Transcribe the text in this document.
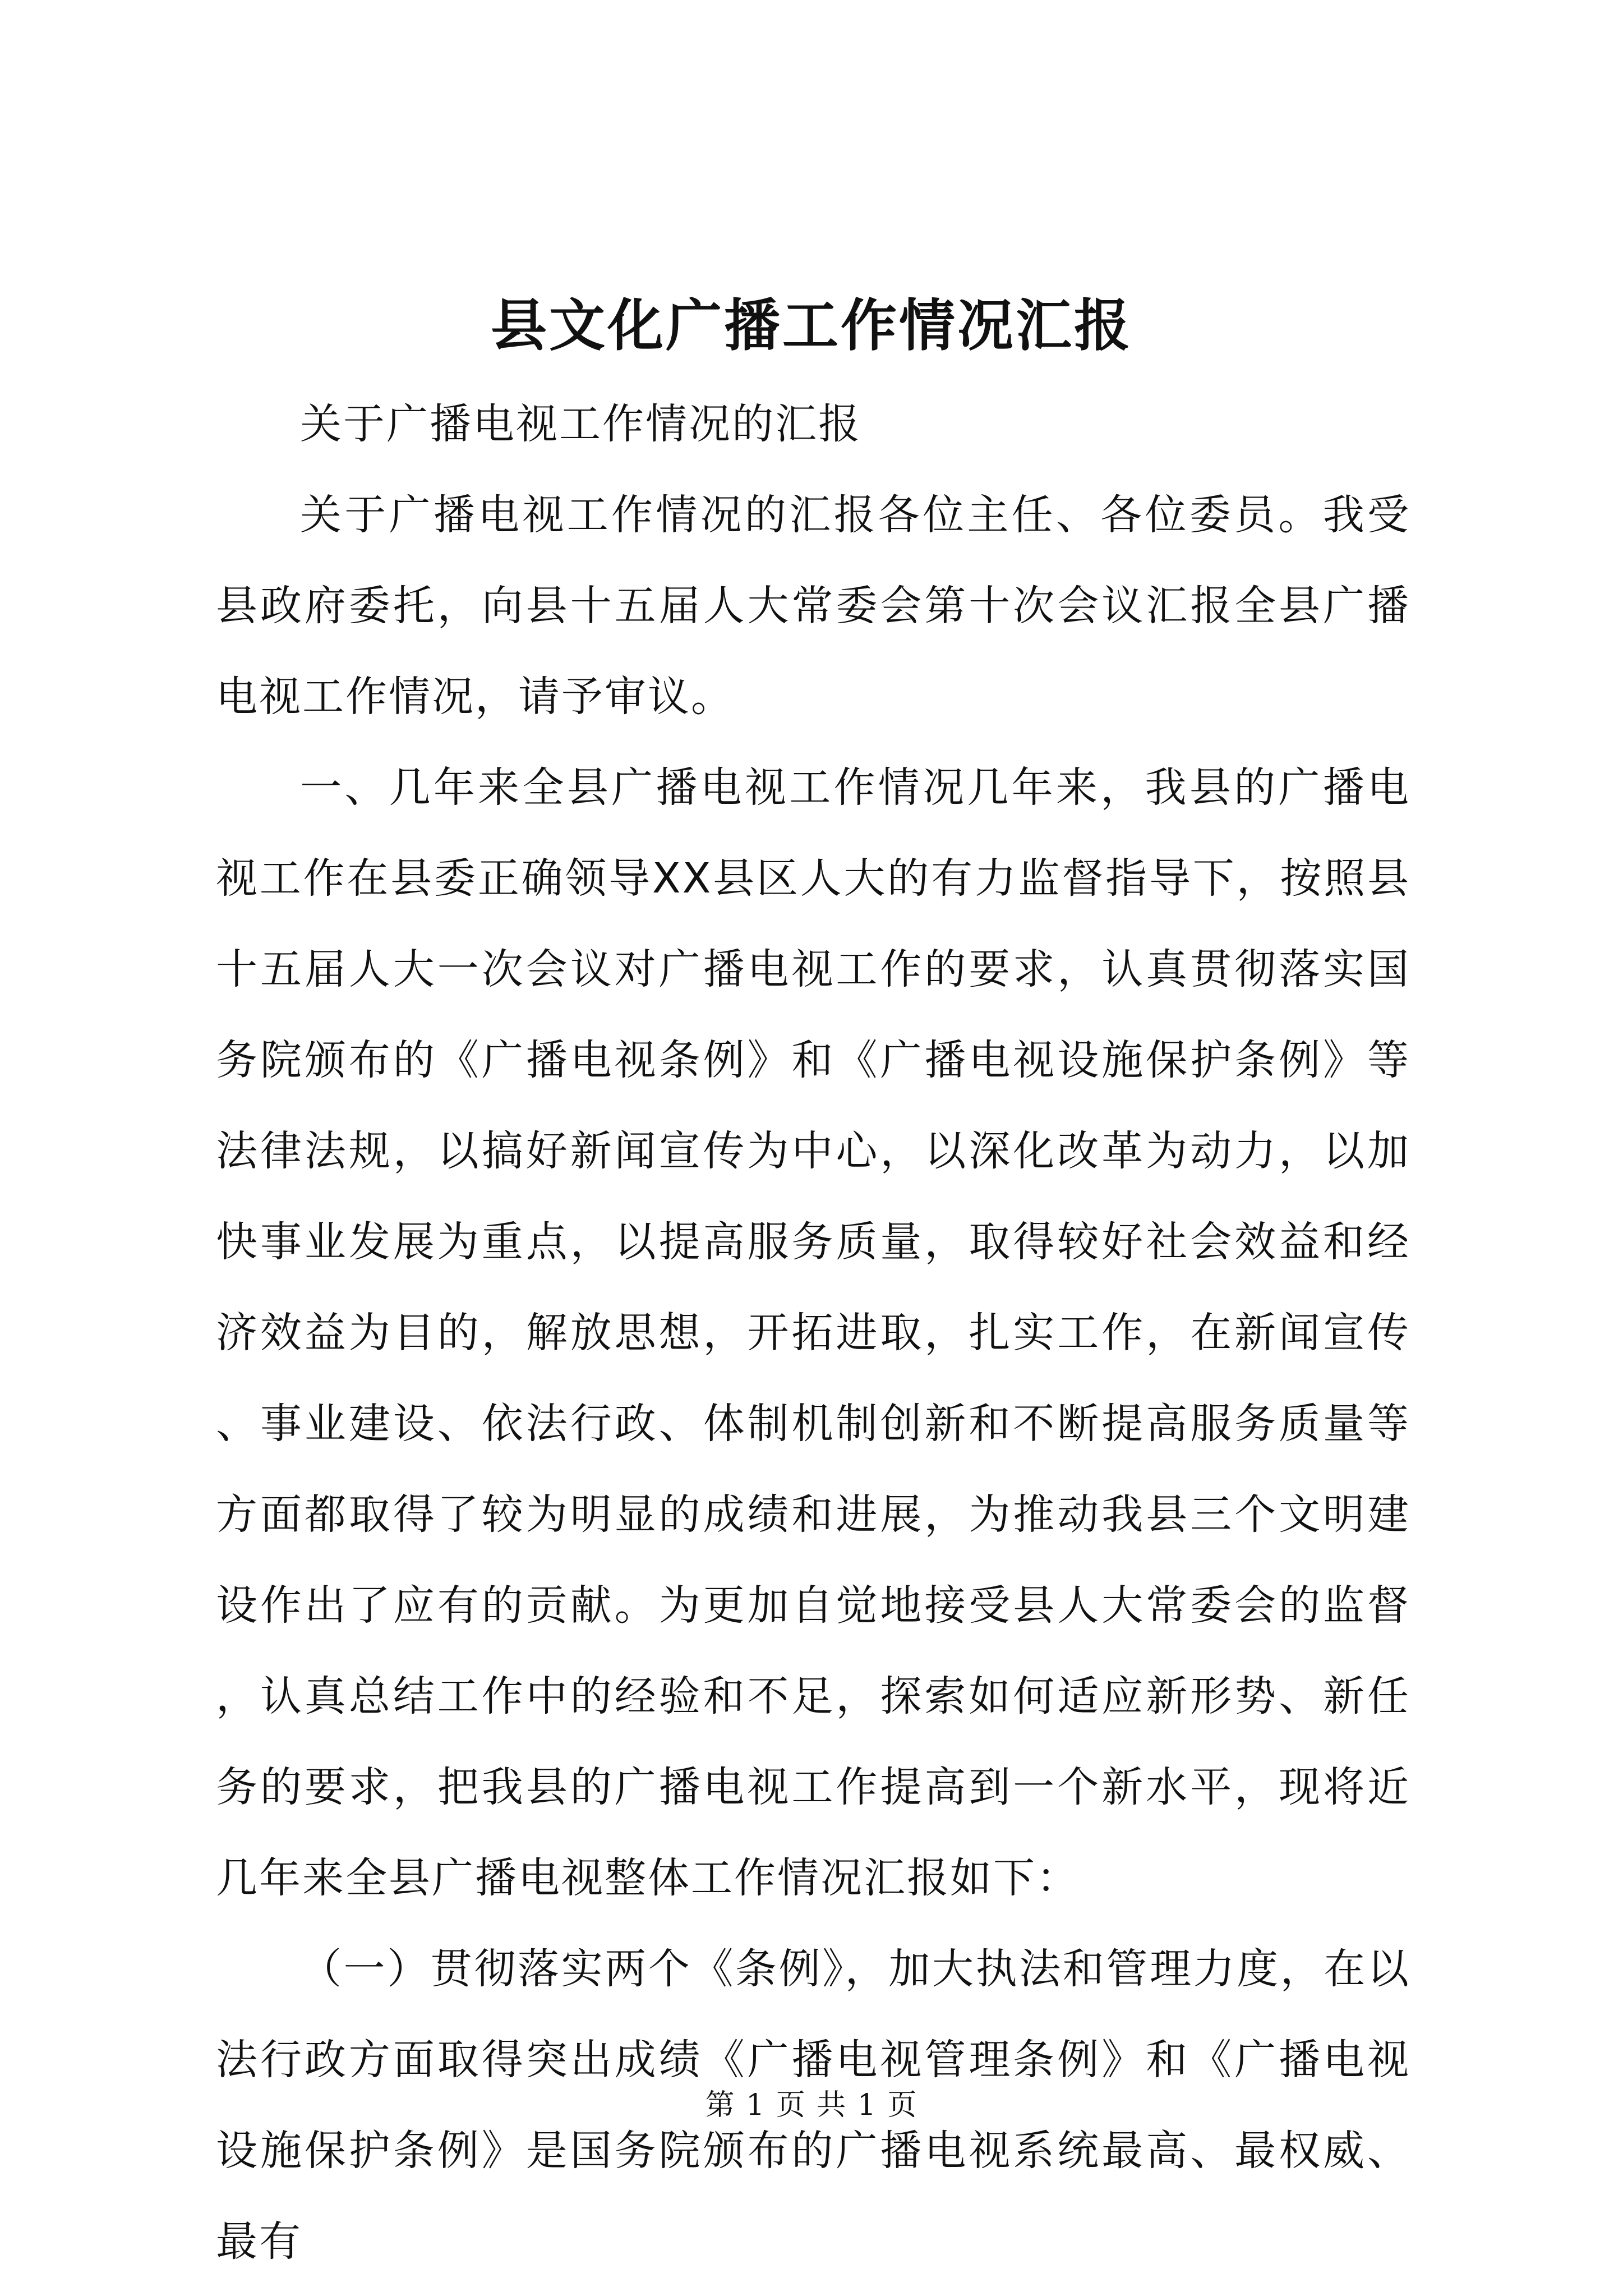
县文化广播工作情况汇报

关于广播电视工作情况的汇报

关于广播电视工作情况的汇报各位主任、各位委员。我受县政府委托，向县十五届人大常委会第十次会议汇报全县广播电视工作情况，请予审议。

一、几年来全县广播电视工作情况几年来，我县的广播电视工作在县委正确领导XX县区人大的有力监督指导下，按照县十五届人大一次会议对广播电视工作的要求，认真贯彻落实国务院颁布的《广播电视条例》和《广播电视设施保护条例》等法律法规，以搞好新闻宣传为中心，以深化改革为动力，以加快事业发展为重点，以提高服务质量，取得较好社会效益和经济效益为目的，解放思想，开拓进取，扎实工作，在新闻宣传、事业建设、依法行政、体制机制创新和不断提高服务质量等方面都取得了较为明显的成绩和进展，为推动我县三个文明建设作出了应有的贡献。为更加自觉地接受县人大常委会的监督，认真总结工作中的经验和不足，探索如何适应新形势、新任务的要求，把我县的广播电视工作提高到一个新水平，现将近几年来全县广播电视整体工作情况汇报如下：

（一）贯彻落实两个《条例》，加大执法和管理力度，在以法行政方面取得突出成绩《广播电视管理条例》和《广播电视设施保护条例》是国务院颁布的广播电视系统最高、最权威、最有

第 1 页 共 1 页
